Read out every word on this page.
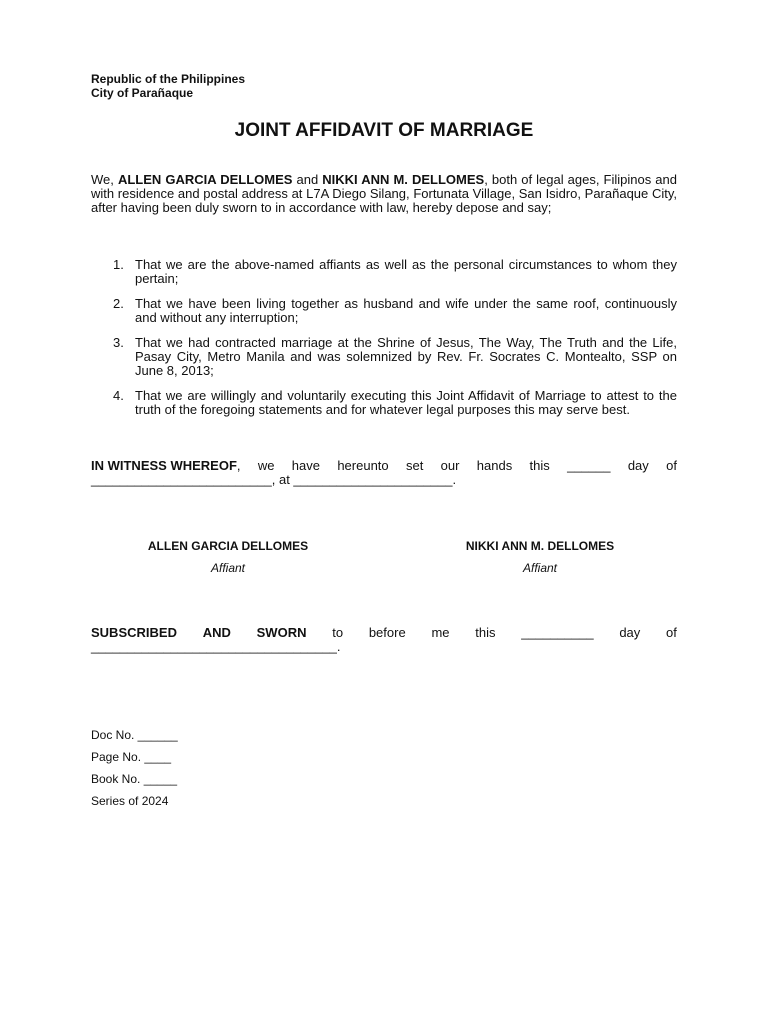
Republic of the Philippines
City of Parañaque
JOINT AFFIDAVIT OF MARRIAGE
We, ALLEN GARCIA DELLOMES and NIKKI ANN M. DELLOMES, both of legal ages, Filipinos and with residence and postal address at L7A Diego Silang, Fortunata Village, San Isidro, Parañaque City, after having been duly sworn to in accordance with law, hereby depose and say;
1. That we are the above-named affiants as well as the personal circumstances to whom they pertain;
2. That we have been living together as husband and wife under the same roof, continuously and without any interruption;
3. That we had contracted marriage at the Shrine of Jesus, The Way, The Truth and the Life, Pasay City, Metro Manila and was solemnized by Rev. Fr. Socrates C. Montealto, SSP on June 8, 2013;
4. That we are willingly and voluntarily executing this Joint Affidavit of Marriage to attest to the truth of the foregoing statements and for whatever legal purposes this may serve best.
IN WITNESS WHEREOF, we have hereunto set our hands this ______ day of
_________________________, at ______________________.
ALLEN GARCIA DELLOMES
Affiant
NIKKI ANN M. DELLOMES
Affiant
SUBSCRIBED AND SWORN to before me this __________ day of
__________________________________.
Doc No. ______
Page No. ____
Book No. _____
Series of 2024
